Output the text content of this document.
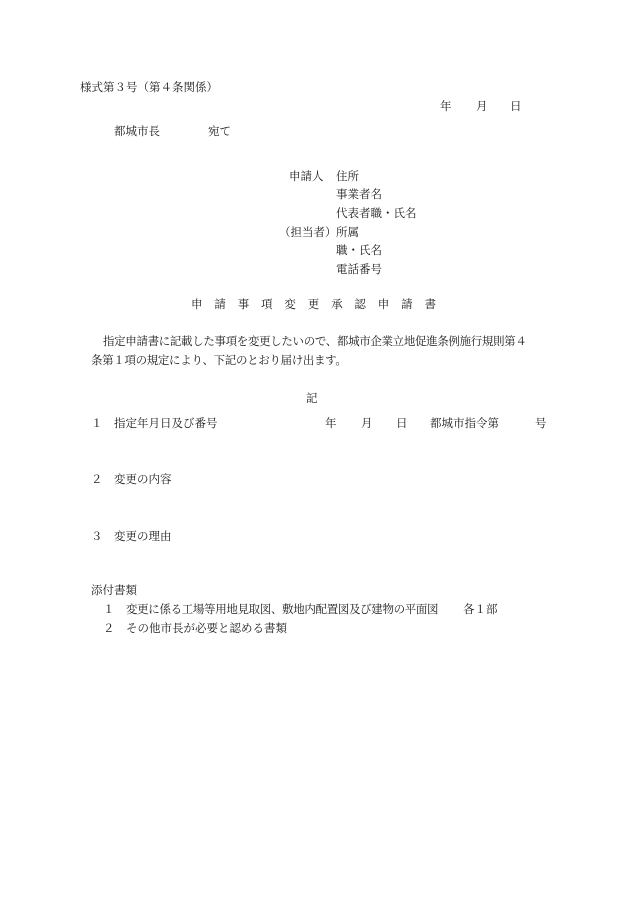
様式第３号（第４条関係）
年 月 日
都城市長	宛て
申請人 住所
事業者名
代表者職・氏名
（担当者） 所属
職・氏名
電話番号
申 請 事 項 変 更 承 認 申 請 書
指定申請書に記載した事項を変更したいので、都城市企業立地促進条例施行規則第４
条第１項の規定により、下記のとおり届け出ます。
記
１ 指定年月日及び番号	年 月 日 都城市指令第	号
２ 変更の内容
３ 変更の理由
添付書類
１ 変更に係る工場等用地見取図、敷地内配置図及び建物の平面図 各１部
２ その他市長が必要と認める書類
